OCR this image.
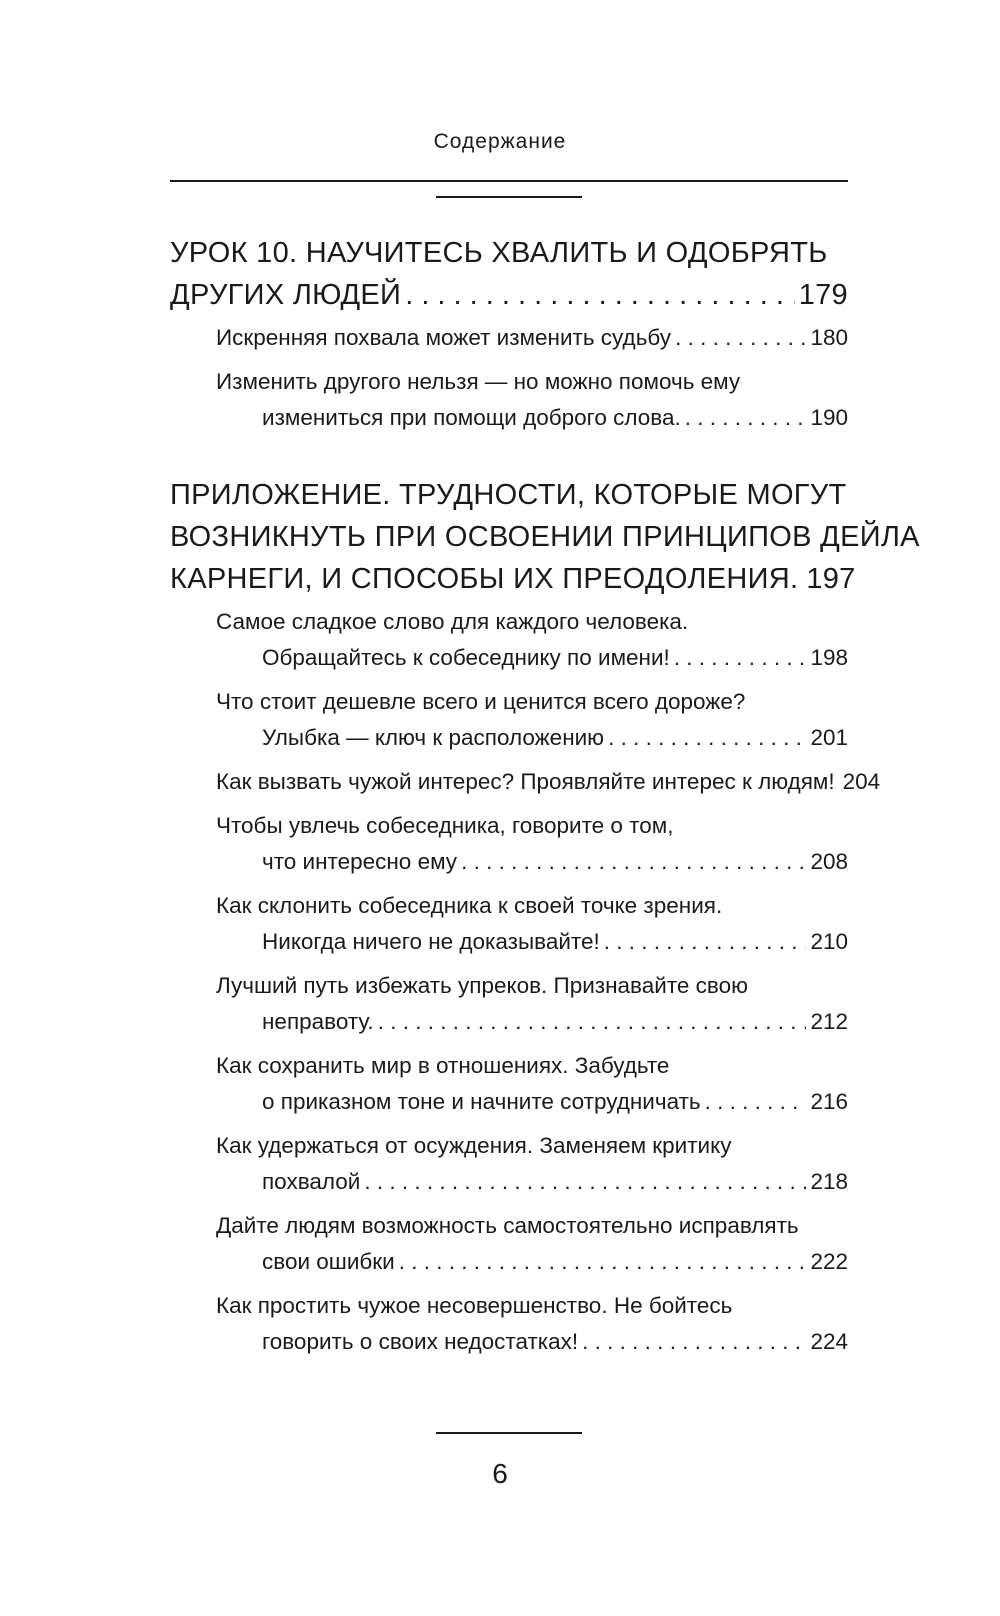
Содержание
УРОК 10. НАУЧИТЕСЬ ХВАЛИТЬ И ОДОБРЯТЬ
ДРУГИХ ЛЮДЕЙ . . .	179
Искренняя похвала может изменить судьбу . . .	180
Изменить другого нельзя — но можно помочь ему
измениться при помощи доброго слова. . . .	190
ПРИЛОЖЕНИЕ. ТРУДНОСТИ, КОТОРЫЕ МОГУТ
ВОЗНИКНУТЬ ПРИ ОСВОЕНИИ ПРИНЦИПОВ ДЕЙЛА
КАРНЕГИ, И СПОСОБЫ ИХ ПРЕОДОЛЕНИЯ. 197
Самое сладкое слово для каждого человека.
Обращайтесь к собеседнику по имени! . . .	198
Что стоит дешевле всего и ценится всего дороже?
Улыбка — ключ к расположению . . .	201
Как вызвать чужой интерес? Проявляйте интерес к людям! 204
Чтобы увлечь собеседника, говорите о том,
что интересно ему . . .	208
Как склонить собеседника к своей точке зрения.
Никогда ничего не доказывайте! . . .	210
Лучший путь избежать упреков. Признавайте свою
неправоту. . . .	212
Как сохранить мир в отношениях. Забудьте
о приказном тоне и начните сотрудничать . . .	216
Как удержаться от осуждения. Заменяем критику
похвалой . . .	218
Дайте людям возможность самостоятельно исправлять
свои ошибки . . .	222
Как простить чужое несовершенство. Не бойтесь
говорить о своих недостатках! . . .	224
6
